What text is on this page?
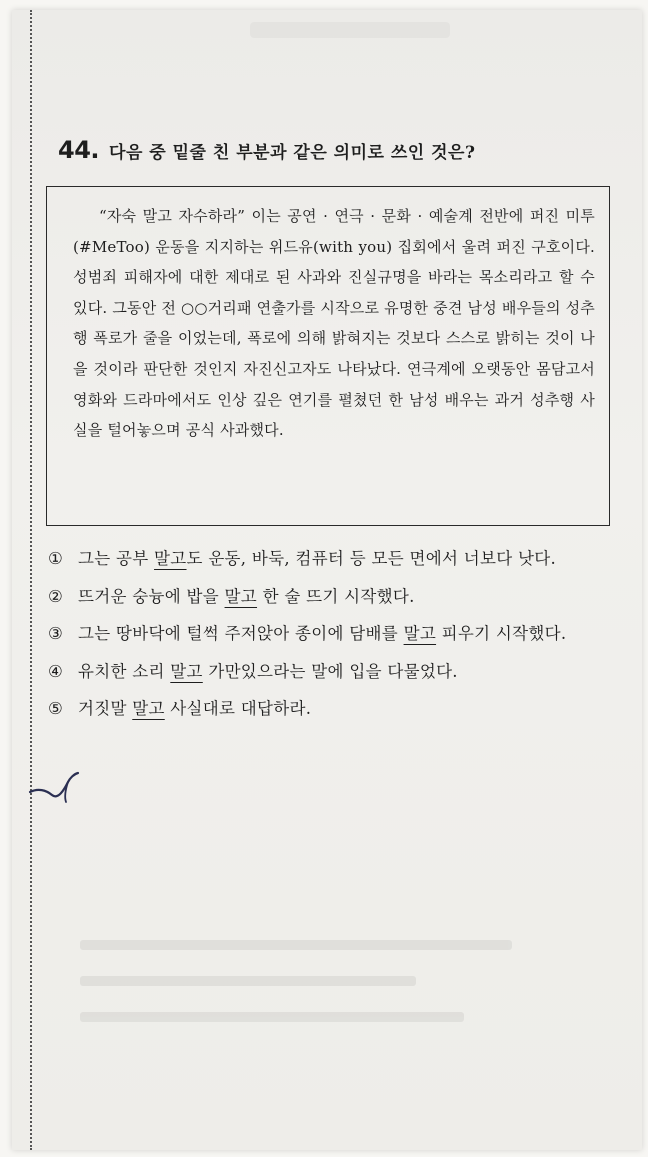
44. 다음 중 밑줄 친 부분과 같은 의미로 쓰인 것은?

“자숙 말고 자수하라” 이는 공연 · 연극 · 문화 · 예술계 전반에 퍼진 미투(#MeToo) 운동을 지지하는 위드유(with you) 집회에서 울려 퍼진 구호이다. 성범죄 피해자에 대한 제대로 된 사과와 진실규명을 바라는 목소리라고 할 수 있다. 그동안 전 ○○거리패 연출가를 시작으로 유명한 중견 남성 배우들의 성추행 폭로가 줄을 이었는데, 폭로에 의해 밝혀지는 것보다 스스로 밝히는 것이 나을 것이라 판단한 것인지 자진신고자도 나타났다. 연극계에 오랫동안 몸담고서 영화와 드라마에서도 인상 깊은 연기를 펼쳤던 한 남성 배우는 과거 성추행 사실을 털어놓으며 공식 사과했다.

① 그는 공부 말고도 운동, 바둑, 컴퓨터 등 모든 면에서 너보다 낫다.
② 뜨거운 숭늉에 밥을 말고 한 술 뜨기 시작했다.
③ 그는 땅바닥에 털썩 주저앉아 종이에 담배를 말고 피우기 시작했다.
④ 유치한 소리 말고 가만있으라는 말에 입을 다물었다.
⑤ 거짓말 말고 사실대로 대답하라.
